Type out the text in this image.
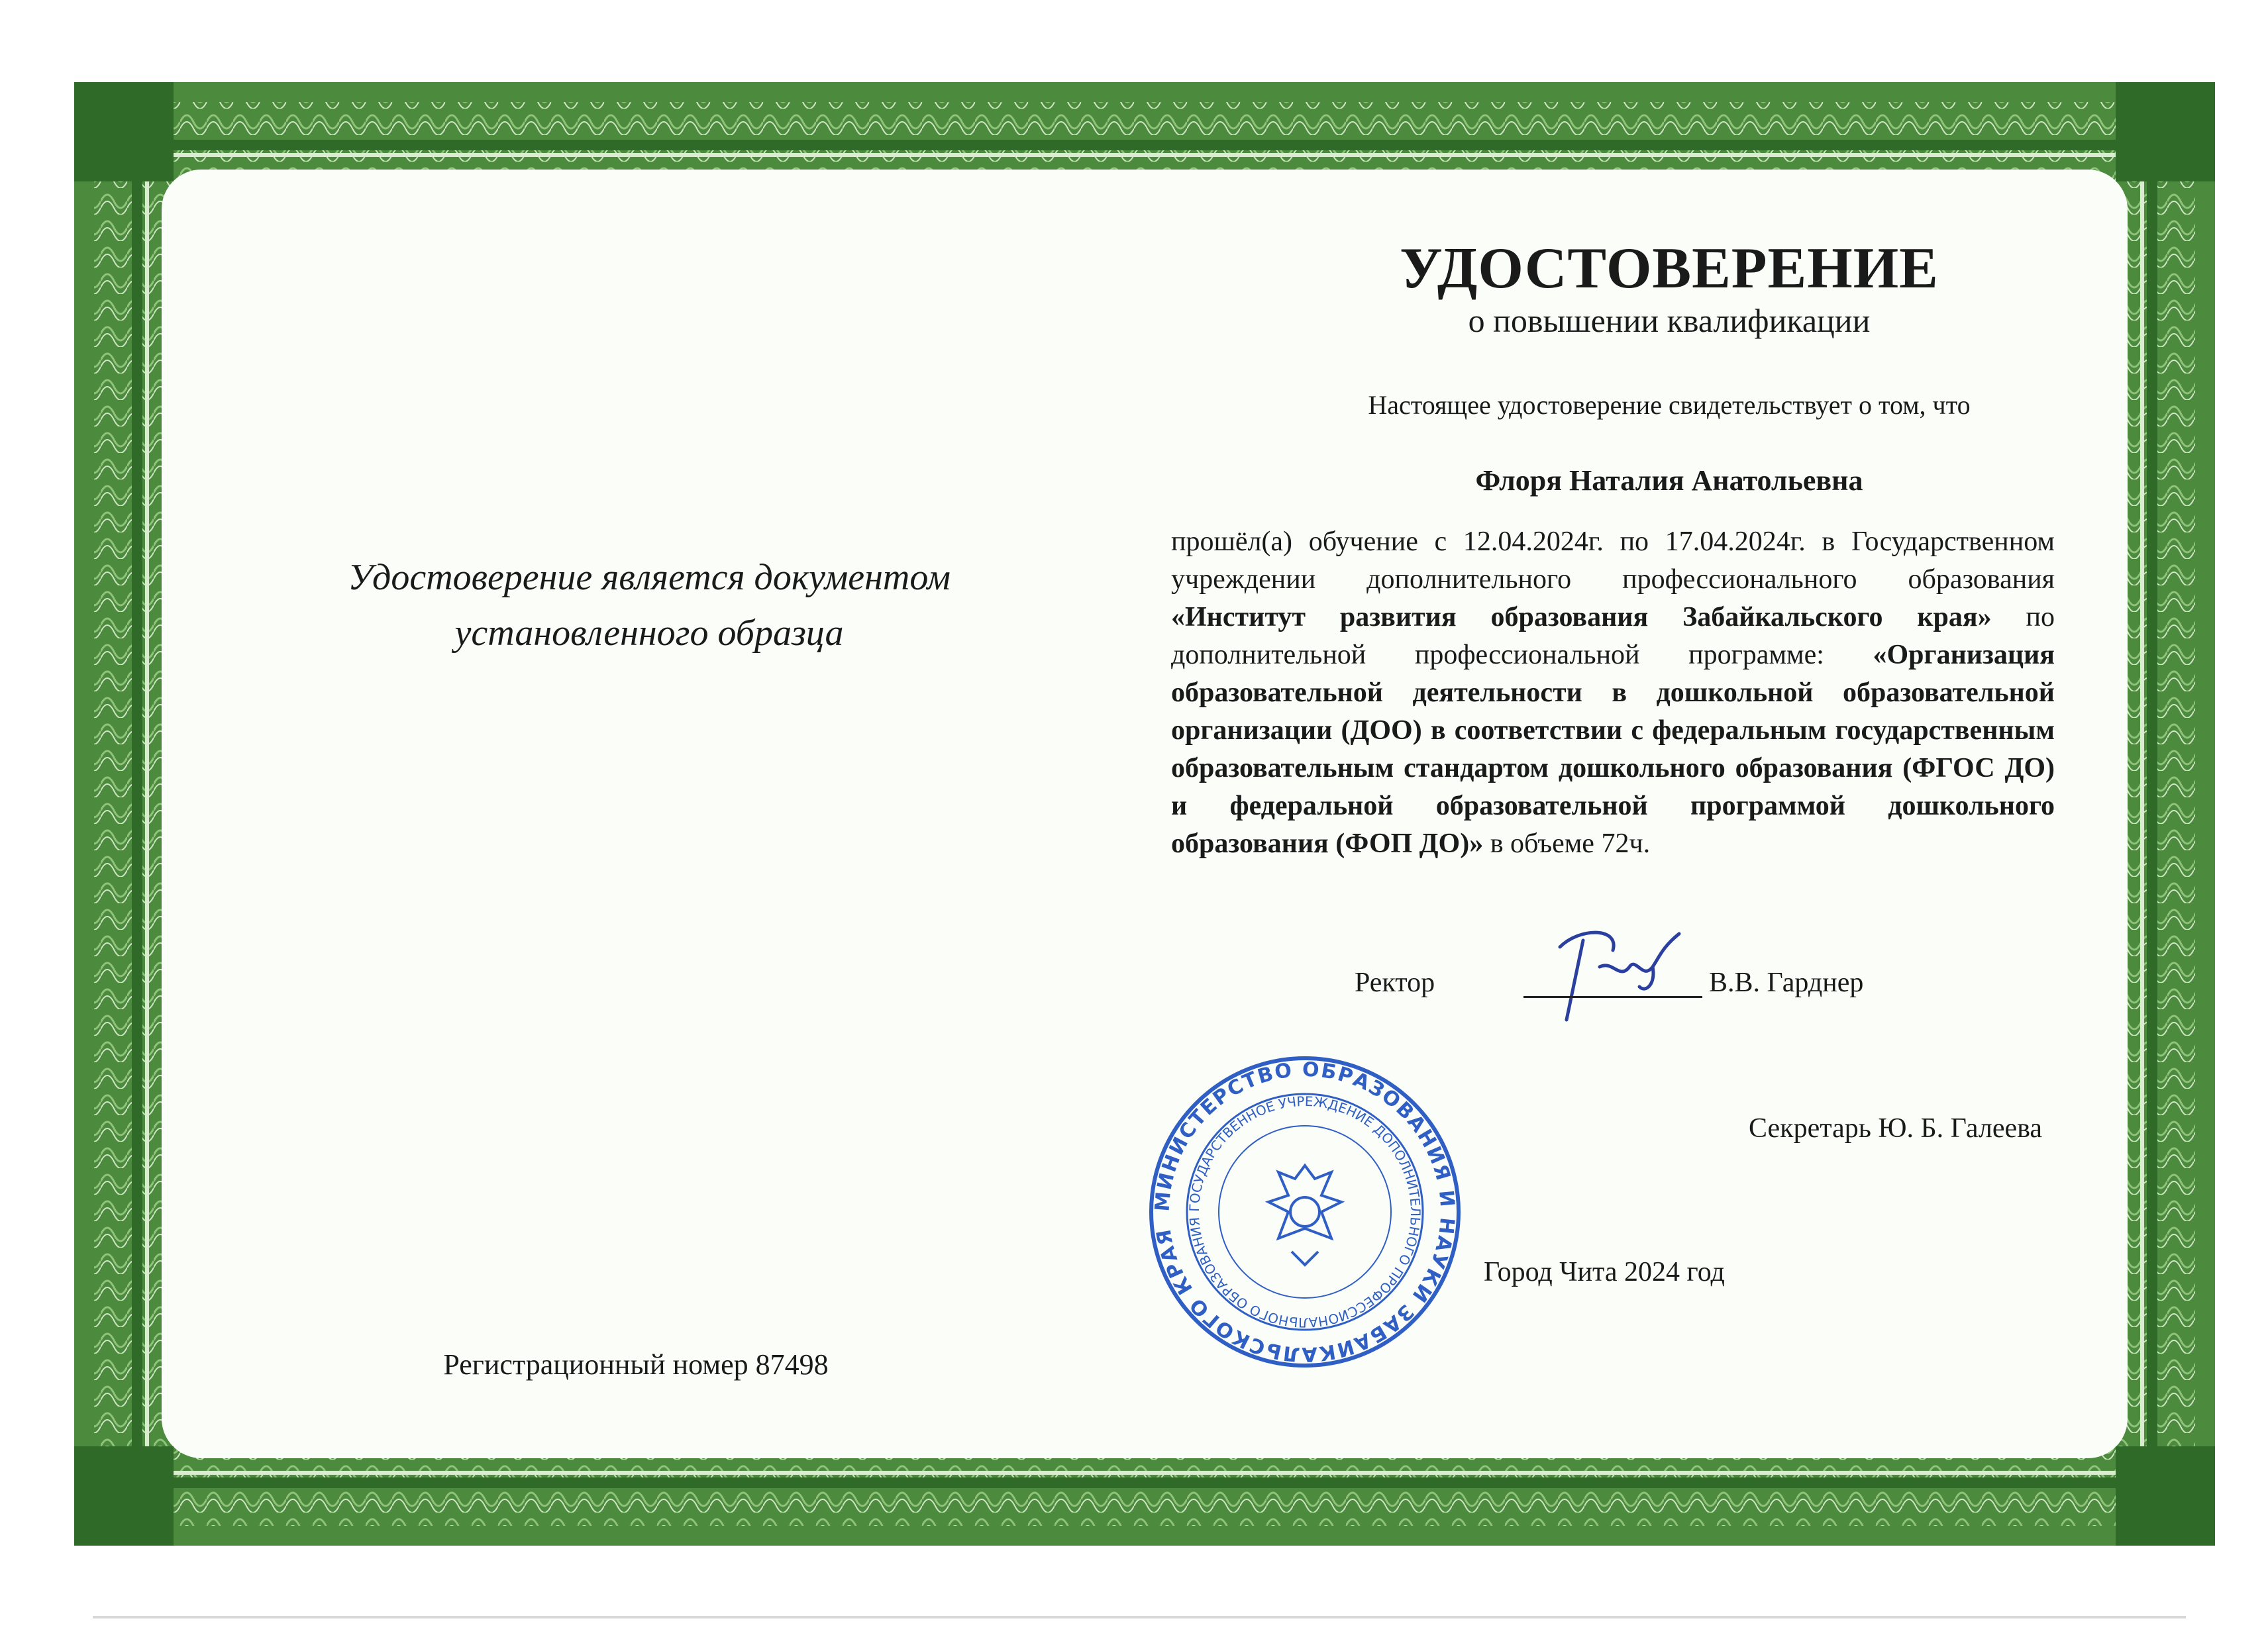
Удостоверение является документом установленного образца
Регистрационный номер 87498
УДОСТОВЕРЕНИЕ
о повышении квалификации
Настоящее удостоверение свидетельствует о том, что
Флоря Наталия Анатольевна
прошёл(а) обучение с 12.04.2024г. по 17.04.2024г. в Государственном учреждении дополнительного профессионального образования «Институт развития образования Забайкальского края» по дополнительной профессиональной программе: «Организация образовательной деятельности в дошкольной образовательной организации (ДОО) в соответствии с федеральным государственным образовательным стандартом дошкольного образования (ФГОС ДО) и федеральной образовательной программой дошкольного образования (ФОП ДО)» в объеме 72ч.
Ректор	В.В. Гарднер
Секретарь Ю. Б. Галеева
МИНИСТЕРСТВО ОБРАЗОВАНИЯ И НАУКИ ЗАБАЙКАЛЬСКОГО КРАЯ
ГОСУДАРСТВЕННОЕ УЧРЕЖДЕНИЕ ДОПОЛНИТЕЛЬНОГО ПРОФЕССИОНАЛЬНОГО ОБРАЗОВАНИЯ
Город Чита 2024 год
